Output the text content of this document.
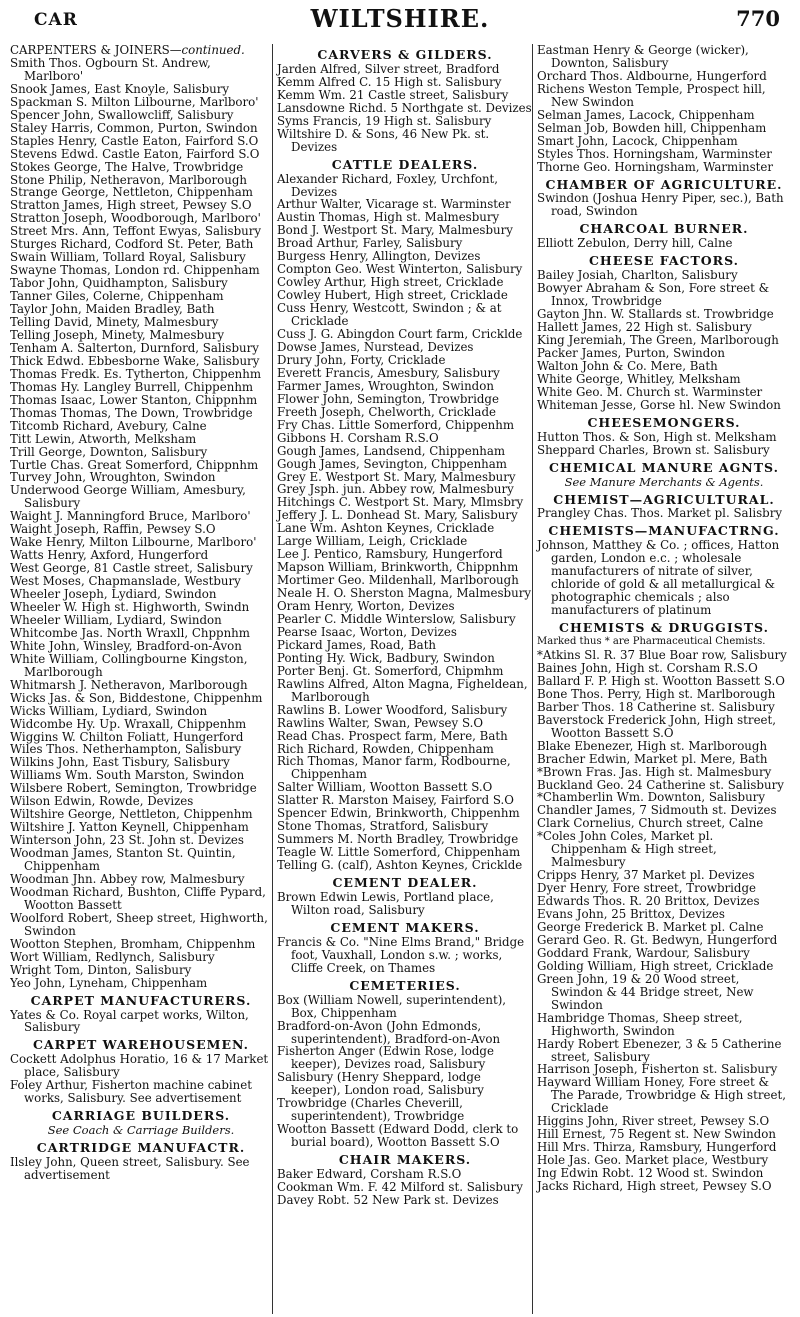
CAR	WILTSHIRE.	770
CARPENTERS & JOINERS—continued.
Smith Thos. Ogbourn St. Andrew, Marlboro'
Snook James, East Knoyle, Salisbury
Spackman S. Milton Lilbourne, Marlboro'
Spencer John, Swallowcliff, Salisbury
Staley Harris, Common, Purton, Swindon
Staples Henry, Castle Eaton, Fairford S.O
Stevens Edwd. Castle Eaton, Fairford S.O
Stokes George, The Halve, Trowbridge
Stone Philip, Netheravon, Marlborough
Strange George, Nettleton, Chippenham
Stratton James, High street, Pewsey S.O
Stratton Joseph, Woodborough, Marlboro'
Street Mrs. Ann, Teffont Ewyas, Salisbury
Sturges Richard, Codford St. Peter, Bath
Swain William, Tollard Royal, Salisbury
Swayne Thomas, London rd. Chippenham
Tabor John, Quidhampton, Salisbury
Tanner Giles, Colerne, Chippenham
Taylor John, Maiden Bradley, Bath
Telling David, Minety, Malmesbury
Telling Joseph, Minety, Malmesbury
Tenham A. Salterton, Durnford, Salisbury
Thick Edwd. Ebbesborne Wake, Salisbury
Thomas Fredk. Es. Tytherton, Chippenhm
Thomas Hy. Langley Burrell, Chippenhm
Thomas Isaac, Lower Stanton, Chippnhm
Thomas Thomas, The Down, Trowbridge
Titcomb Richard, Avebury, Calne
Titt Lewin, Atworth, Melksham
Trill George, Downton, Salisbury
Turtle Chas. Great Somerford, Chippnhm
Turvey John, Wroughton, Swindon
Underwood George William, Amesbury, Salisbury
Waight J. Manningford Bruce, Marlboro'
Waight Joseph, Raffin, Pewsey S.O
Wake Henry, Milton Lilbourne, Marlboro'
Watts Henry, Axford, Hungerford
West George, 81 Castle street, Salisbury
West Moses, Chapmanslade, Westbury
Wheeler Joseph, Lydiard, Swindon
Wheeler W. High st. Highworth, Swindn
Wheeler William, Lydiard, Swindon
Whitcombe Jas. North Wraxll, Chppnhm
White John, Winsley, Bradford-on-Avon
White William, Collingbourne Kingston, Marlborough
Whitmarsh J. Netheravon, Marlborough
Wicks Jas. & Son, Biddestone, Chippenhm
Wicks William, Lydiard, Swindon
Widcombe Hy. Up. Wraxall, Chippenhm
Wiggins W. Chilton Foliatt, Hungerford
Wiles Thos. Netherhampton, Salisbury
Wilkins John, East Tisbury, Salisbury
Williams Wm. South Marston, Swindon
Wilsbere Robert, Semington, Trowbridge
Wilson Edwin, Rowde, Devizes
Wiltshire George, Nettleton, Chippenhm
Wiltshire J. Yatton Keynell, Chippenham
Winterson John, 23 St. John st. Devizes
Woodman James, Stanton St. Quintin, Chippenham
Woodman Jhn. Abbey row, Malmesbury
Woodman Richard, Bushton, Cliffe Pypard, Wootton Bassett
Woolford Robert, Sheep street, Highworth, Swindon
Wootton Stephen, Bromham, Chippenhm
Wort William, Redlynch, Salisbury
Wright Tom, Dinton, Salisbury
Yeo John, Lyneham, Chippenham
CARPET MANUFACTURERS.
Yates & Co. Royal carpet works, Wilton, Salisbury
CARPET WAREHOUSEMEN.
Cockett Adolphus Horatio, 16 & 17 Market place, Salisbury
Foley Arthur, Fisherton machine cabinet works, Salisbury. See advertisement
CARRIAGE BUILDERS.
See Coach & Carriage Builders.
CARTRIDGE MANUFACTR.
Ilsley John, Queen street, Salisbury. See advertisement
CARVERS & GILDERS.
Jarden Alfred, Silver street, Bradford
Kemm Alfred C. 15 High st. Salisbury
Kemm Wm. 21 Castle street, Salisbury
Lansdowne Richd. 5 Northgate st. Devizes
Syms Francis, 19 High st. Salisbury
Wiltshire D. & Sons, 46 New Pk. st. Devizes
CATTLE DEALERS.
Alexander Richard, Foxley, Urchfont, Devizes
Arthur Walter, Vicarage st. Warminster
Austin Thomas, High st. Malmesbury
Bond J. Westport St. Mary, Malmesbury
Broad Arthur, Farley, Salisbury
Burgess Henry, Allington, Devizes
Compton Geo. West Winterton, Salisbury
Cowley Arthur, High street, Cricklade
Cowley Hubert, High street, Cricklade
Cuss Henry, Westcott, Swindon ; & at Cricklade
Cuss J. G. Abingdon Court farm, Cricklde
Dowse James, Nurstead, Devizes
Drury John, Forty, Cricklade
Everett Francis, Amesbury, Salisbury
Farmer James, Wroughton, Swindon
Flower John, Semington, Trowbridge
Freeth Joseph, Chelworth, Cricklade
Fry Chas. Little Somerford, Chippenhm
Gibbons H. Corsham R.S.O
Gough James, Landsend, Chippenham
Gough James, Sevington, Chippenham
Grey E. Westport St. Mary, Malmesbury
Grey Jsph. jun. Abbey row, Malmesbury
Hitchings C. Westport St. Mary, Mlmsbry
Jeffery J. L. Donhead St. Mary, Salisbury
Lane Wm. Ashton Keynes, Cricklade
Large William, Leigh, Cricklade
Lee J. Pentico, Ramsbury, Hungerford
Mapson William, Brinkworth, Chippnhm
Mortimer Geo. Mildenhall, Marlborough
Neale H. O. Sherston Magna, Malmesbury
Oram Henry, Worton, Devizes
Pearler C. Middle Winterslow, Salisbury
Pearse Isaac, Worton, Devizes
Pickard James, Road, Bath
Ponting Hy. Wick, Badbury, Swindon
Porter Benj. Gt. Somerford, Chipmhm
Rawlins Alfred, Alton Magna, Figheldean, Marlborough
Rawlins B. Lower Woodford, Salisbury
Rawlins Walter, Swan, Pewsey S.O
Read Chas. Prospect farm, Mere, Bath
Rich Richard, Rowden, Chippenham
Rich Thomas, Manor farm, Rodbourne, Chippenham
Salter William, Wootton Bassett S.O
Slatter R. Marston Maisey, Fairford S.O
Spencer Edwin, Brinkworth, Chippenhm
Stone Thomas, Stratford, Salisbury
Summers M. North Bradley, Trowbridge
Teagle W. Little Somerford, Chippenham
Telling G. (calf), Ashton Keynes, Cricklde
CEMENT DEALER.
Brown Edwin Lewis, Portland place, Wilton road, Salisbury
CEMENT MAKERS.
Francis & Co. "Nine Elms Brand," Bridge foot, Vauxhall, London s.w. ; works, Cliffe Creek, on Thames
CEMETERIES.
Box (William Nowell, superintendent), Box, Chippenham
Bradford-on-Avon (John Edmonds, superintendent), Bradford-on-Avon
Fisherton Anger (Edwin Rose, lodge keeper), Devizes road, Salisbury
Salisbury (Henry Sheppard, lodge keeper), London road, Salisbury
Trowbridge (Charles Cheverill, superintendent), Trowbridge
Wootton Bassett (Edward Dodd, clerk to burial board), Wootton Bassett S.O
CHAIR MAKERS.
Baker Edward, Corsham R.S.O
Cookman Wm. F. 42 Milford st. Salisbury
Davey Robt. 52 New Park st. Devizes
Eastman Henry & George (wicker), Downton, Salisbury
Orchard Thos. Aldbourne, Hungerford
Richens Weston Temple, Prospect hill, New Swindon
Selman James, Lacock, Chippenham
Selman Job, Bowden hill, Chippenham
Smart John, Lacock, Chippenham
Styles Thos. Horningsham, Warminster
Thorne Geo. Horningsham, Warminster
CHAMBER OF AGRICULTURE.
Swindon (Joshua Henry Piper, sec.), Bath road, Swindon
CHARCOAL BURNER.
Elliott Zebulon, Derry hill, Calne
CHEESE FACTORS.
Bailey Josiah, Charlton, Salisbury
Bowyer Abraham & Son, Fore street & Innox, Trowbridge
Gayton Jhn. W. Stallards st. Trowbridge
Hallett James, 22 High st. Salisbury
King Jeremiah, The Green, Marlborough
Packer James, Purton, Swindon
Walton John & Co. Mere, Bath
White George, Whitley, Melksham
White Geo. M. Church st. Warminster
Whiteman Jesse, Gorse hl. New Swindon
CHEESEMONGERS.
Hutton Thos. & Son, High st. Melksham
Sheppard Charles, Brown st. Salisbury
CHEMICAL MANURE AGNTS.
See Manure Merchants & Agents.
CHEMIST—AGRICULTURAL.
Prangley Chas. Thos. Market pl. Salisbry
CHEMISTS—MANUFACTRNG.
Johnson, Matthey & Co. ; offices, Hatton garden, London e.c. ; wholesale manufacturers of nitrate of silver, chloride of gold & all metallurgical & photographic chemicals ; also manufacturers of platinum
CHEMISTS & DRUGGISTS.
Marked thus * are Pharmaceutical Chemists.
*Atkins Sl. R. 37 Blue Boar row, Salisbury
Baines John, High st. Corsham R.S.O
Ballard F. P. High st. Wootton Bassett S.O
Bone Thos. Perry, High st. Marlborough
Barber Thos. 18 Catherine st. Salisbury
Baverstock Frederick John, High street, Wootton Bassett S.O
Blake Ebenezer, High st. Marlborough
Bracher Edwin, Market pl. Mere, Bath
*Brown Fras. Jas. High st. Malmesbury
Buckland Geo. 24 Catherine st. Salisbury
*Chamberlin Wm. Downton, Salisbury
Chandler James, 7 Sidmouth st. Devizes
Clark Cornelius, Church street, Calne
*Coles John Coles, Market pl. Chippenham & High street, Malmesbury
Cripps Henry, 37 Market pl. Devizes
Dyer Henry, Fore street, Trowbridge
Edwards Thos. R. 20 Brittox, Devizes
Evans John, 25 Brittox, Devizes
George Frederick B. Market pl. Calne
Gerard Geo. R. Gt. Bedwyn, Hungerford
Goddard Frank, Wardour, Salisbury
Golding William, High street, Cricklade
Green John, 19 & 20 Wood street, Swindon & 44 Bridge street, New Swindon
Hambridge Thomas, Sheep street, Highworth, Swindon
Hardy Robert Ebenezer, 3 & 5 Catherine street, Salisbury
Harrison Joseph, Fisherton st. Salisbury
Hayward William Honey, Fore street & The Parade, Trowbridge & High street, Cricklade
Higgins John, River street, Pewsey S.O
Hill Ernest, 75 Regent st. New Swindon
Hill Mrs. Thirza, Ramsbury, Hungerford
Hole Jas. Geo. Market place, Westbury
Ing Edwin Robt. 12 Wood st. Swindon
Jacks Richard, High street, Pewsey S.O
